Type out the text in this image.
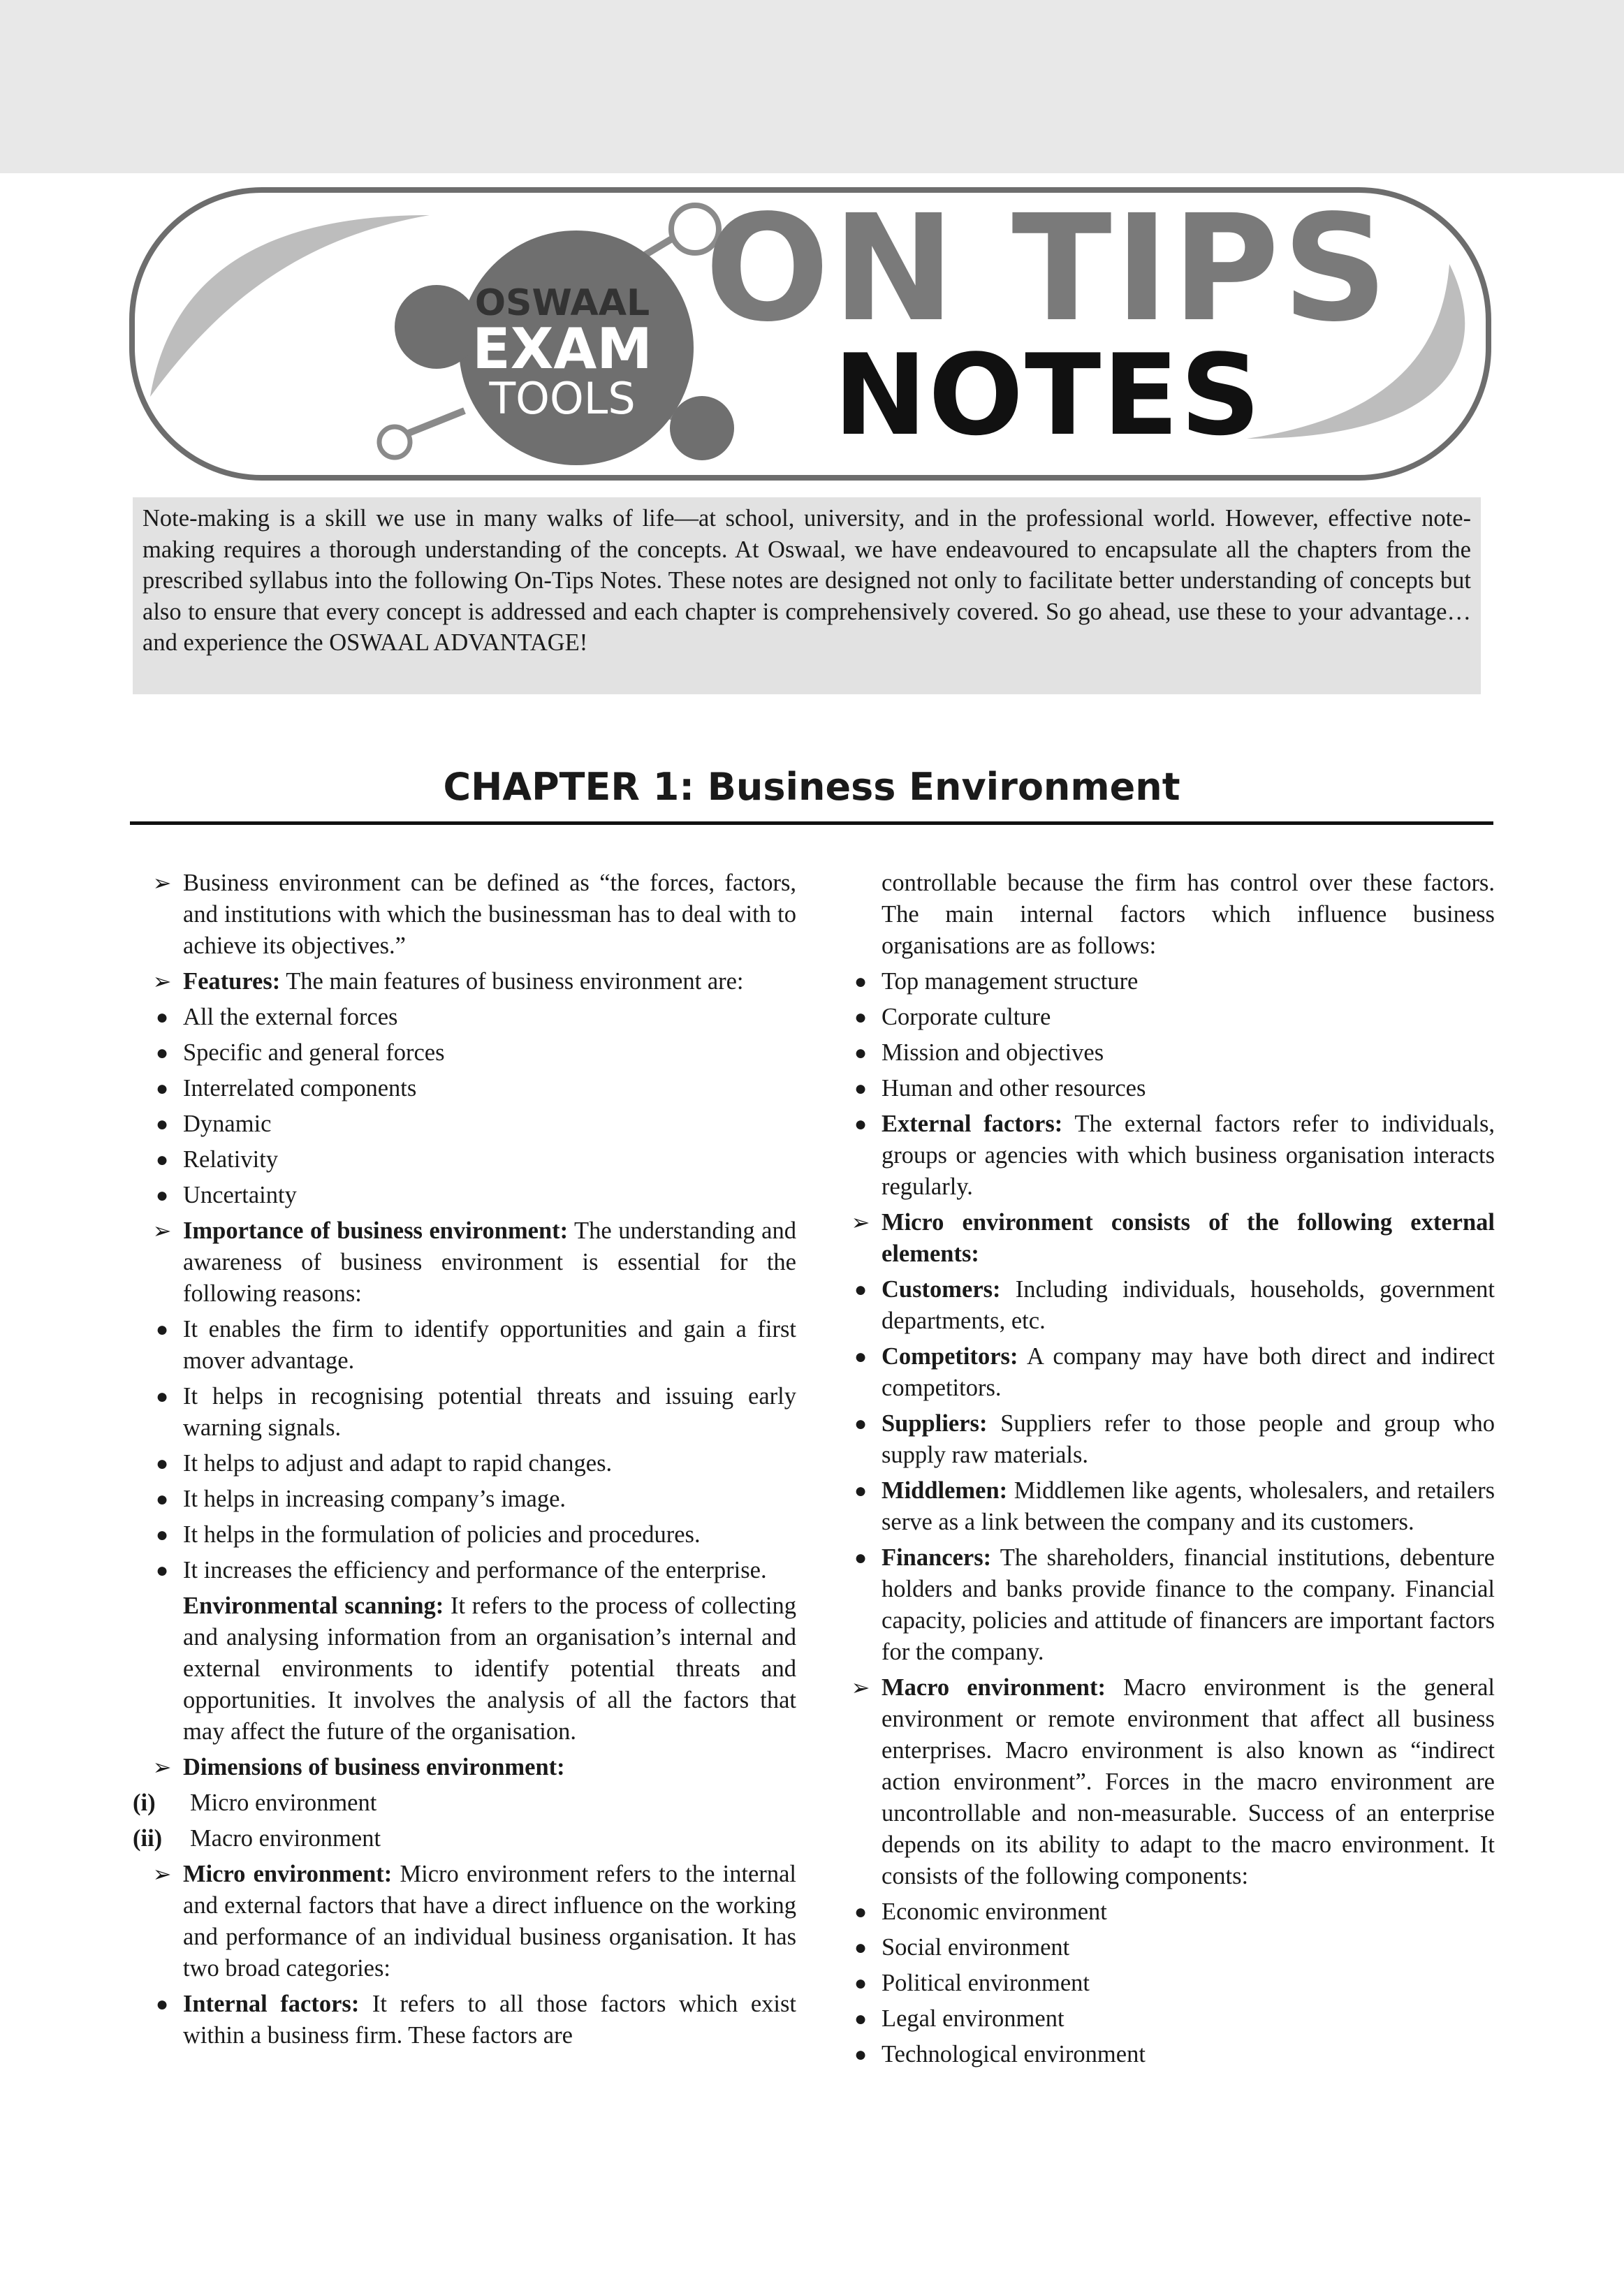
OSWAAL
EXAM
TOOLS
ON TIPS
NOTES
Note-making is a skill we use in many walks of life—at school, university, and in the professional world. However, effective note-making requires a thorough understanding of the concepts. At Oswaal, we have endeavoured to encapsulate all the chapters from the prescribed syllabus into the following On-Tips Notes. These notes are designed not only to facilitate better understanding of concepts but also to ensure that every concept is addressed and each chapter is comprehensively covered. So go ahead, use these to your advantage… and experience the OSWAAL ADVANTAGE!
CHAPTER 1: Business Environment
➢ Business environment can be defined as “the forces, factors, and institutions with which the businessman has to deal with to achieve its objectives.”
➢ Features: The main features of business environment are:
● All the external forces
● Specific and general forces
● Interrelated components
● Dynamic
● Relativity
● Uncertainty
➢ Importance of business environment: The understanding and awareness of business environment is essential for the following reasons:
● It enables the firm to identify opportunities and gain a first mover advantage.
● It helps in recognising potential threats and issuing early warning signals.
● It helps to adjust and adapt to rapid changes.
● It helps in increasing company’s image.
● It helps in the formulation of policies and procedures.
● It increases the efficiency and performance of the enterprise.
Environmental scanning: It refers to the process of collecting and analysing information from an organisation’s internal and external environments to identify potential threats and opportunities. It involves the analysis of all the factors that may affect the future of the organisation.
➢ Dimensions of business environment:
(i)	Micro environment
(ii)	Macro environment
➢ Micro environment: Micro environment refers to the internal and external factors that have a direct influence on the working and performance of an individual business organisation. It has two broad categories:
● Internal factors: It refers to all those factors which exist within a business firm. These factors are
controllable because the firm has control over these factors. The main internal factors which influence business organisations are as follows:
● Top management structure
● Corporate culture
● Mission and objectives
● Human and other resources
● External factors: The external factors refer to individuals, groups or agencies with which business organisation interacts regularly.
➢ Micro environment consists of the following external elements:
● Customers: Including individuals, households, government departments, etc.
● Competitors: A company may have both direct and indirect competitors.
● Suppliers: Suppliers refer to those people and group who supply raw materials.
● Middlemen: Middlemen like agents, wholesalers, and retailers serve as a link between the company and its customers.
● Financers: The shareholders, financial institutions, debenture holders and banks provide finance to the company. Financial capacity, policies and attitude of financers are important factors for the company.
➢ Macro environment: Macro environment is the general environment or remote environment that affect all business enterprises. Macro environment is also known as “indirect action environment”. Forces in the macro environment are uncontrollable and non-measurable. Success of an enterprise depends on its ability to adapt to the macro environment. It consists of the following components:
● Economic environment
● Social environment
● Political environment
● Legal environment
● Technological environment
